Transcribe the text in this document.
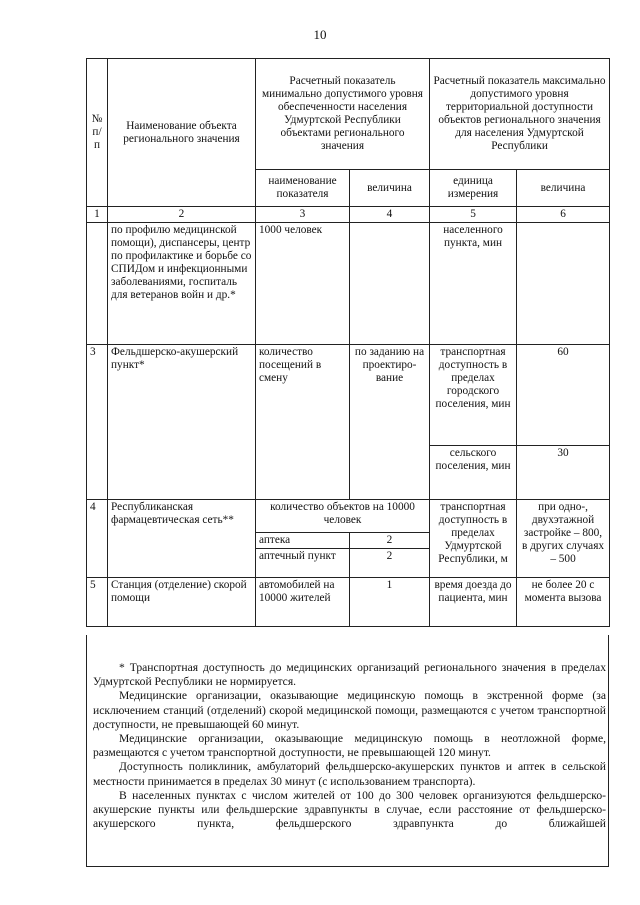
10
№ п/п	Наименование объекта регионального значения	Расчетный показатель минимально допустимого уровня обеспеченности населения Удмуртской Республики объектами регионального значения		Расчетный показатель максимально допустимого уровня территориальной доступности объектов регионального значения для населения Удмуртской Республики	
		наименование показателя	величина	единица измерения	величина
1	2	3	4	5	6
	по профилю медицинской помощи), диспансеры, центр по профилактике и борьбе со СПИДом и инфекционными заболеваниями, госпиталь для ветеранов войн и др.*	1000 человек		населенного пункта, мин	
3	Фельдшерско-акушерский пункт*	количество посещений в смену	по заданию на проектиро-вание	транспортная доступность в пределах городского поселения, мин	60
				сельского поселения, мин	30
4	Республиканская фармацевтическая сеть**	количество объектов на 10000 человек		транспортная доступность в пределах Удмуртской Республики, м	при одно-, двухэтажной застройке – 800, в других случаях – 500
		аптека	2		
		аптечный пункт	2		
5	Станция (отделение) скорой помощи	автомобилей на 10000 жителей	1	время доезда до пациента, мин	не более 20 с момента вызова

* Транспортная доступность до медицинских организаций регионального значения в пределах Удмуртской Республики не нормируется.

Медицинские организации, оказывающие медицинскую помощь в экстренной форме (за исключением станций (отделений) скорой медицинской помощи, размещаются с учетом транспортной доступности, не превышающей 60 минут.

Медицинские организации, оказывающие медицинскую помощь в неотложной форме, размещаются с учетом транспортной доступности, не превышающей 120 минут.

Доступность поликлиник, амбулаторий фельдшерско-акушерских пунктов и аптек в сельской местности принимается в пределах 30 минут (с использованием транспорта).

В населенных пунктах с числом жителей от 100 до 300 человек организуются фельдшерско-акушерские пункты или фельдшерские здравпункты в случае, если расстояние от фельдшерско-акушерского пункта, фельдшерского здравпункта до ближайшей
